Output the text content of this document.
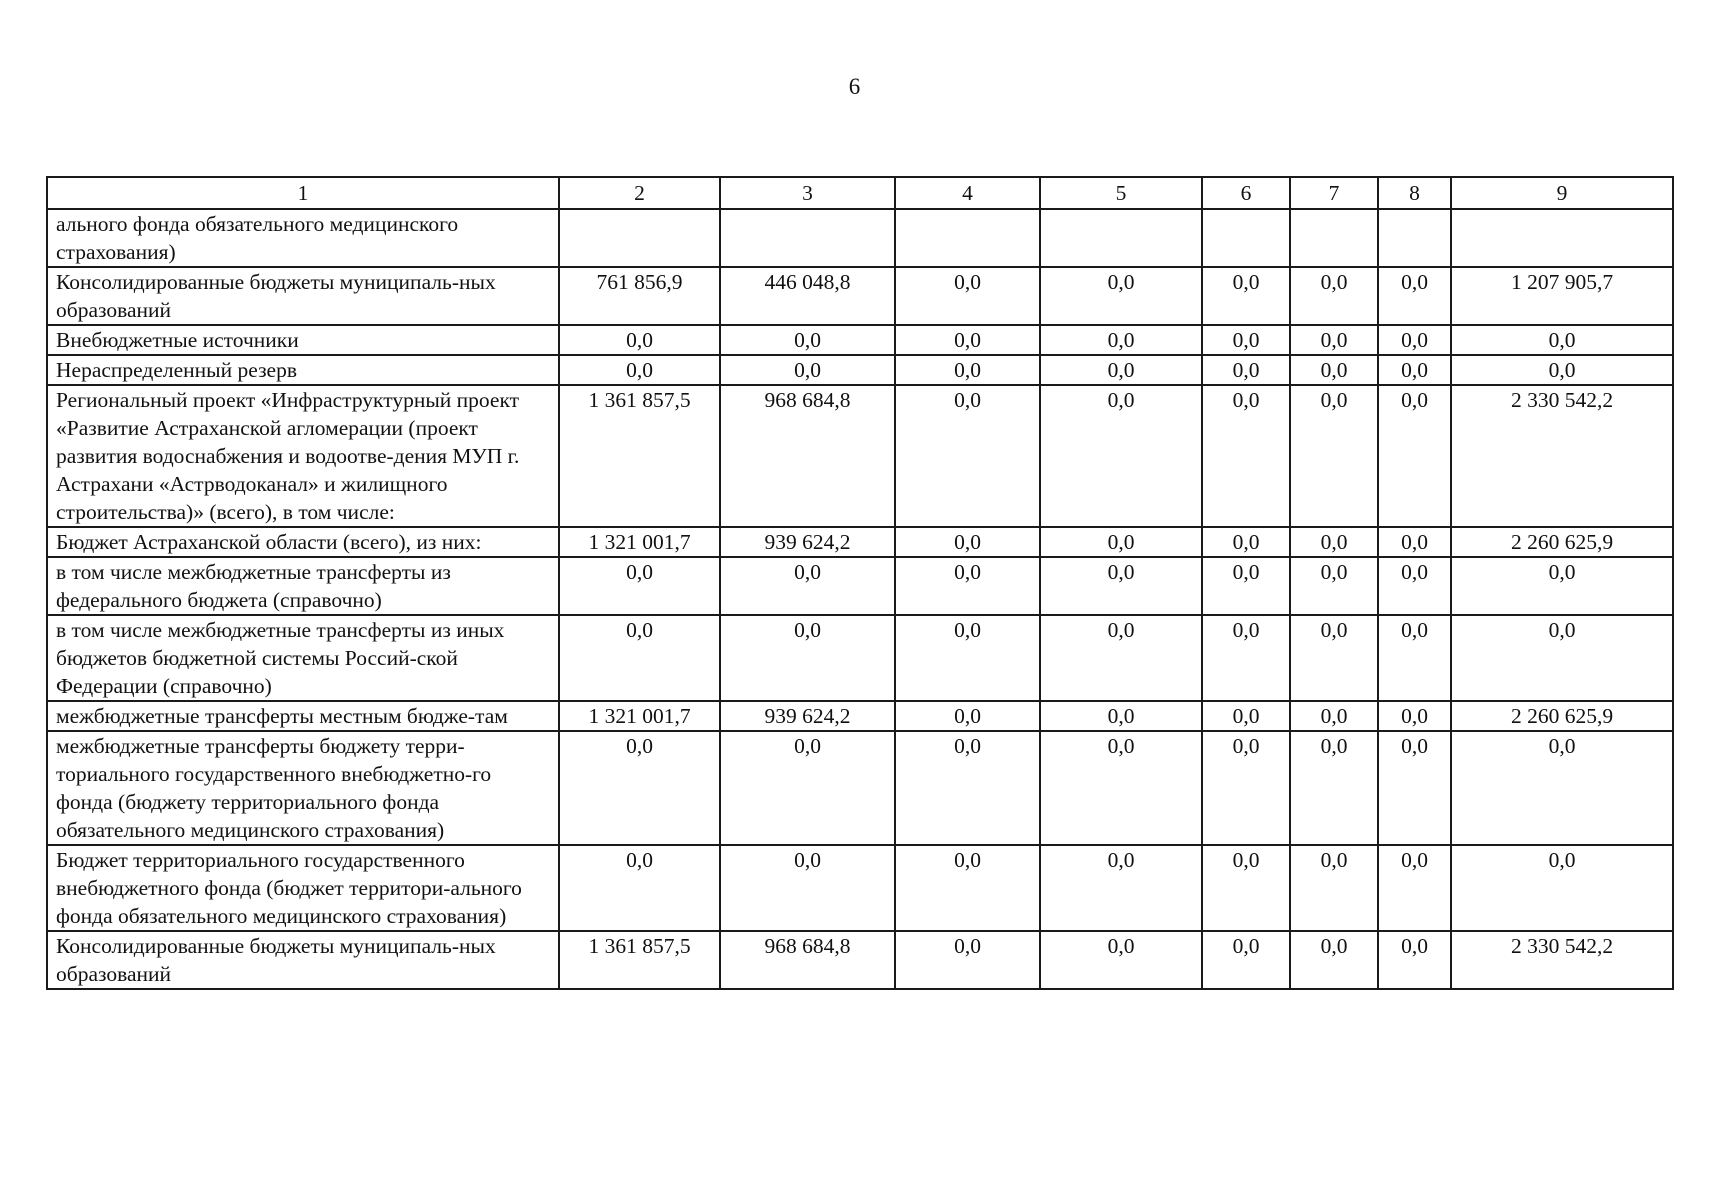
6
1	2	3	4	5	6	7	8	9
ального фонда обязательного медицинского страхования)								
Консолидированные бюджеты муниципаль-ных образований	761 856,9	446 048,8	0,0	0,0	0,0	0,0	0,0	1 207 905,7
Внебюджетные источники	0,0	0,0	0,0	0,0	0,0	0,0	0,0	0,0
Нераспределенный резерв	0,0	0,0	0,0	0,0	0,0	0,0	0,0	0,0
Региональный проект «Инфраструктурный проект «Развитие Астраханской агломерации (проект развития водоснабжения и водоотве-дения МУП г. Астрахани «Астрводоканал» и жилищного строительства)» (всего), в том числе:	1 361 857,5	968 684,8	0,0	0,0	0,0	0,0	0,0	2 330 542,2
Бюджет Астраханской области (всего), из них:	1 321 001,7	939 624,2	0,0	0,0	0,0	0,0	0,0	2 260 625,9
в том числе межбюджетные трансферты из федерального бюджета (справочно)	0,0	0,0	0,0	0,0	0,0	0,0	0,0	0,0
в том числе межбюджетные трансферты из иных бюджетов бюджетной системы Россий-ской Федерации (справочно)	0,0	0,0	0,0	0,0	0,0	0,0	0,0	0,0
межбюджетные трансферты местным бюдже-там	1 321 001,7	939 624,2	0,0	0,0	0,0	0,0	0,0	2 260 625,9
межбюджетные трансферты бюджету терри-ториального государственного внебюджетно-го фонда (бюджету территориального фонда обязательного медицинского страхования)	0,0	0,0	0,0	0,0	0,0	0,0	0,0	0,0
Бюджет территориального государственного внебюджетного фонда (бюджет территори-ального фонда обязательного медицинского страхования)	0,0	0,0	0,0	0,0	0,0	0,0	0,0	0,0
Консолидированные бюджеты муниципаль-ных образований	1 361 857,5	968 684,8	0,0	0,0	0,0	0,0	0,0	2 330 542,2
